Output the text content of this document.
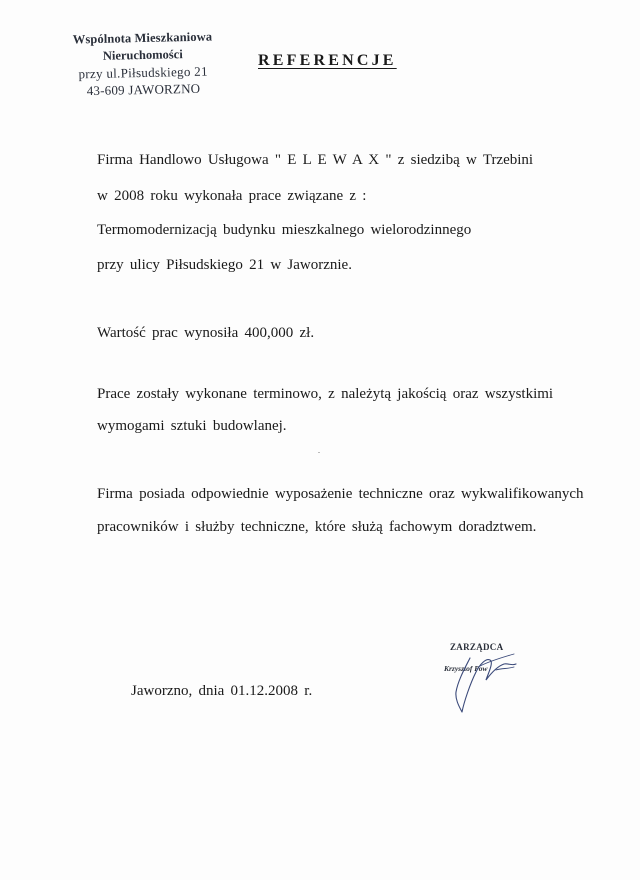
Wspólnota Mieszkaniowa
Nieruchomości
przy ul.Piłsudskiego 21
43-609 JAWORZNO
REFERENCJE
Firma Handlowo Usługowa " E L E W A X " z siedzibą w Trzebini
w 2008 roku wykonała prace związane z :
Termomodernizacją budynku mieszkalnego wielorodzinnego
przy ulicy Piłsudskiego 21 w Jaworznie.
Wartość prac wynosiła 400,000 zł.
Prace zostały wykonane terminowo, z należytą jakością oraz wszystkimi
wymogami sztuki budowlanej.
Firma posiada odpowiednie wyposażenie techniczne oraz wykwalifikowanych
pracowników i służby techniczne, które służą fachowym doradztwem.
Jaworzno, dnia 01.12.2008 r.
ZARZĄDCA
Krzysztof Pow
